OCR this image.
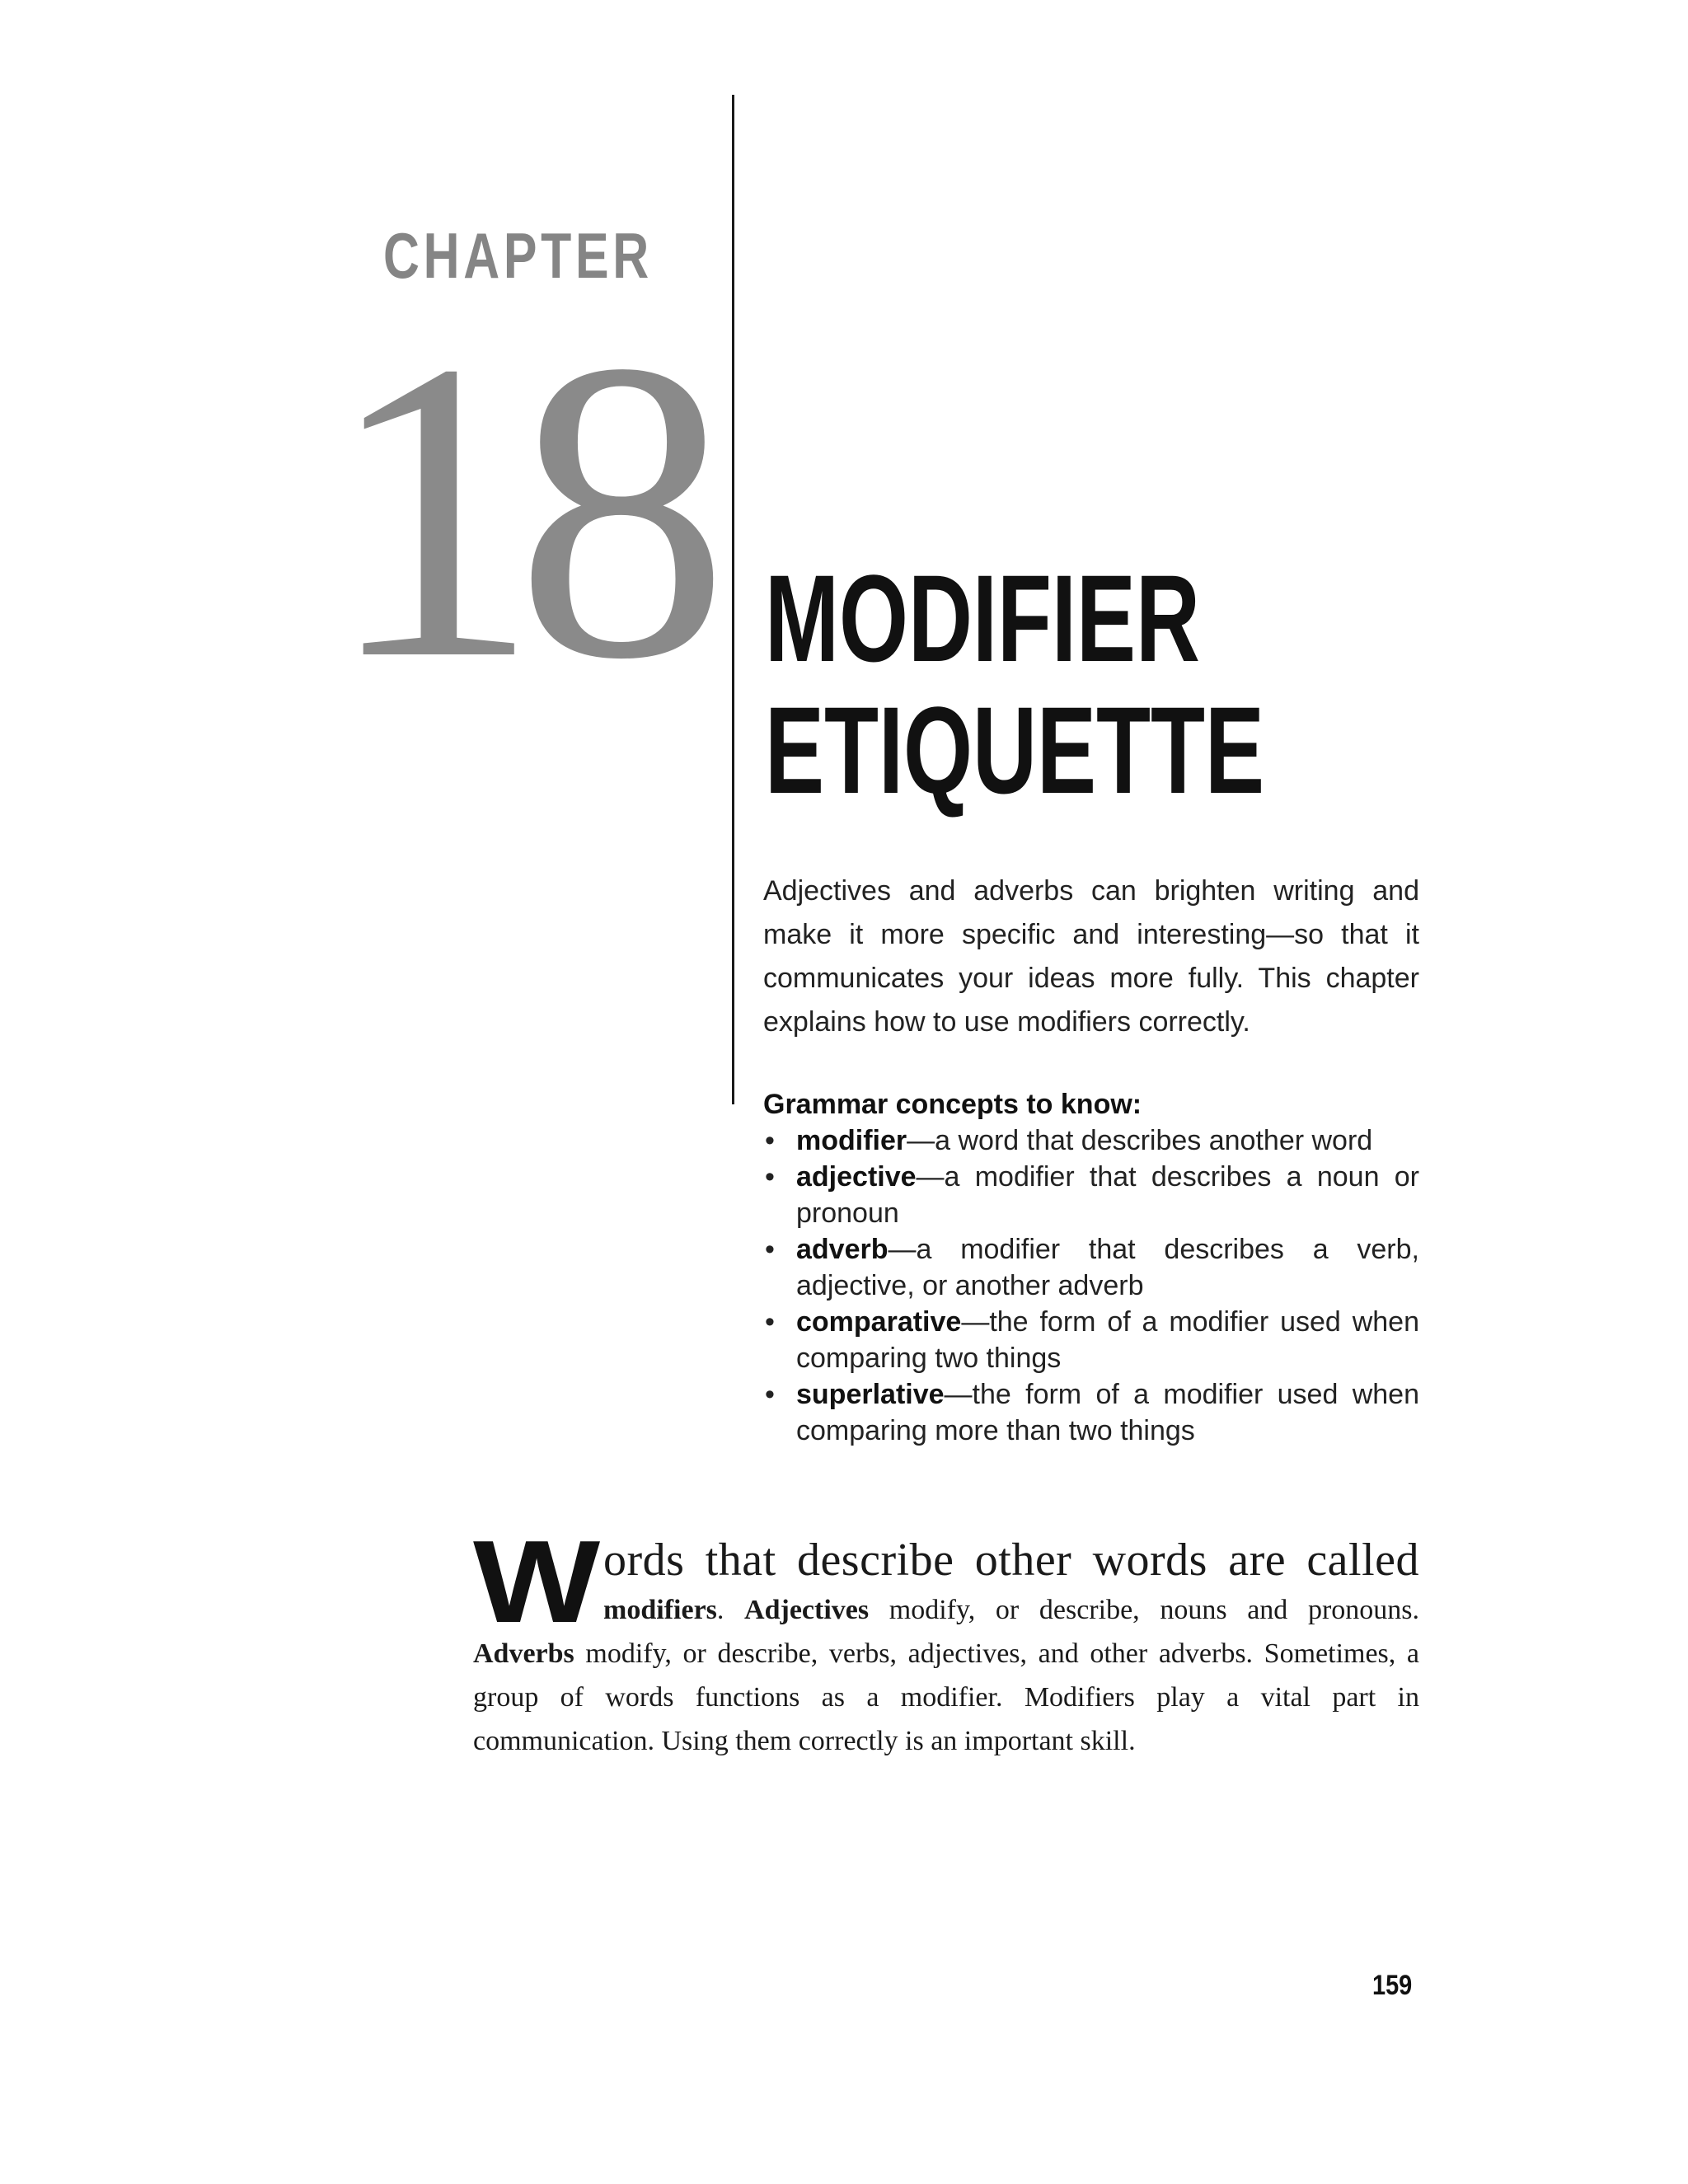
CHAPTER
18 MODIFIER
ETIQUETTE

Adjectives and adverbs can brighten writing and make it more specific and interesting—so that it communicates your ideas more fully. This chapter explains how to use modifiers correctly.

Grammar concepts to know:
• modifier—a word that describes another word
• adjective—a modifier that describes a noun or pronoun
• adverb—a modifier that describes a verb, adjective, or another adverb
• comparative—the form of a modifier used when comparing two things
• superlative—the form of a modifier used when comparing more than two things

Words that describe other words are called modifiers. Adjectives modify, or describe, nouns and pronouns. Adverbs modify, or describe, verbs, adjectives, and other adverbs. Sometimes, a group of words functions as a modifier. Modifiers play a vital part in communication. Using them correctly is an important skill.

159
